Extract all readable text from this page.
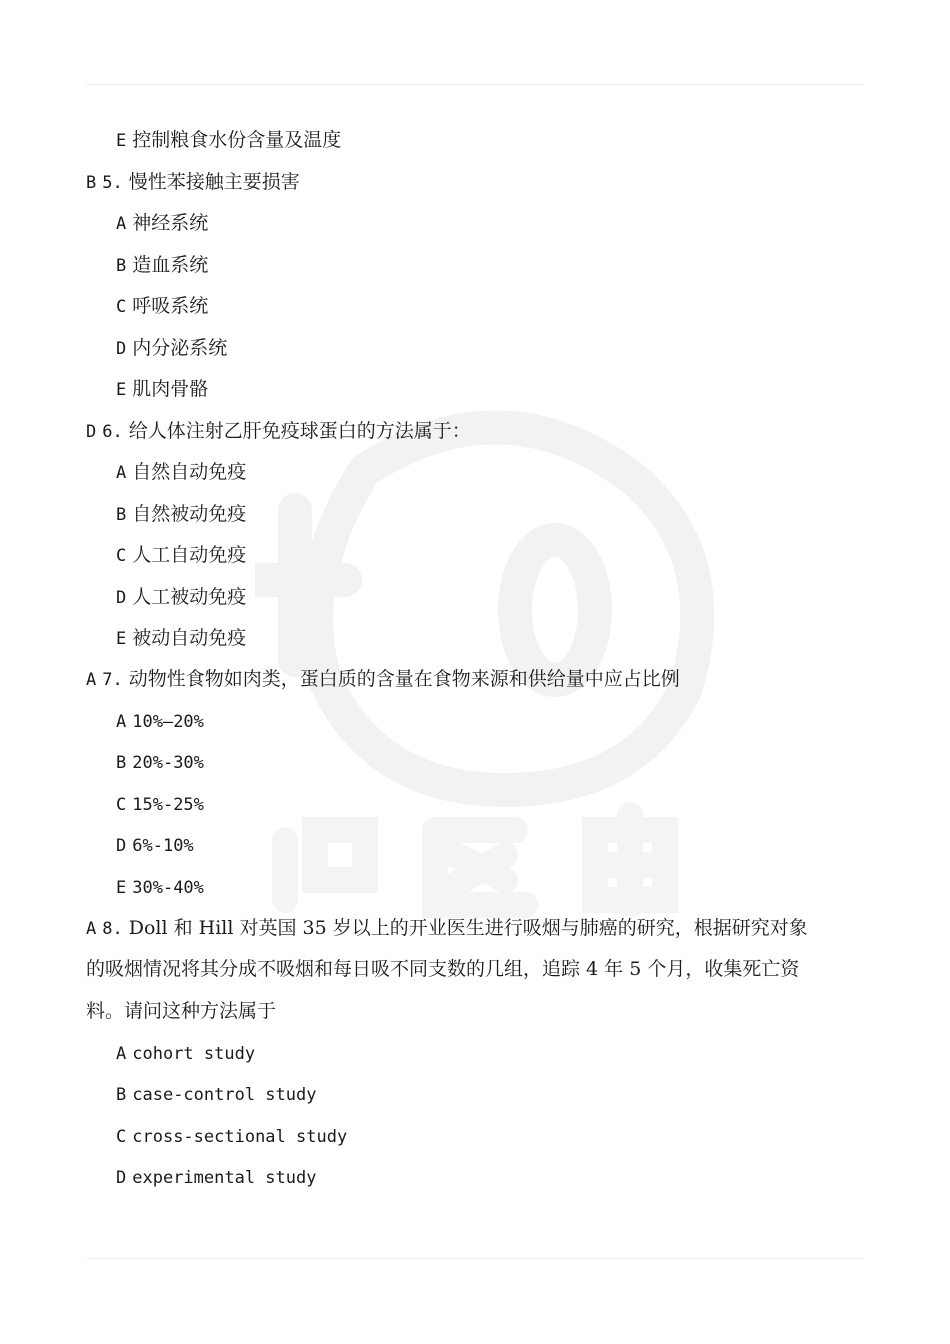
E 控制粮食水份含量及温度
B 5. 慢性苯接触主要损害
A 神经系统
B 造血系统
C 呼吸系统
D 内分泌系统
E 肌肉骨骼
D 6. 给人体注射乙肝免疫球蛋白的方法属于：
A 自然自动免疫
B 自然被动免疫
C 人工自动免疫
D 人工被动免疫
E 被动自动免疫
A 7. 动物性食物如肉类，蛋白质的含量在食物来源和供给量中应占比例
A 10%—20%
B 20%-30%
C 15%-25%
D 6%-10%
E 30%-40%
A 8. Doll 和 Hill 对英国 35 岁以上的开业医生进行吸烟与肺癌的研究，根据研究对象
的吸烟情况将其分成不吸烟和每日吸不同支数的几组，追踪 4 年 5 个月，收集死亡资
料。请问这种方法属于
A cohort study
B case-control study
C cross-sectional study
D experimental study
